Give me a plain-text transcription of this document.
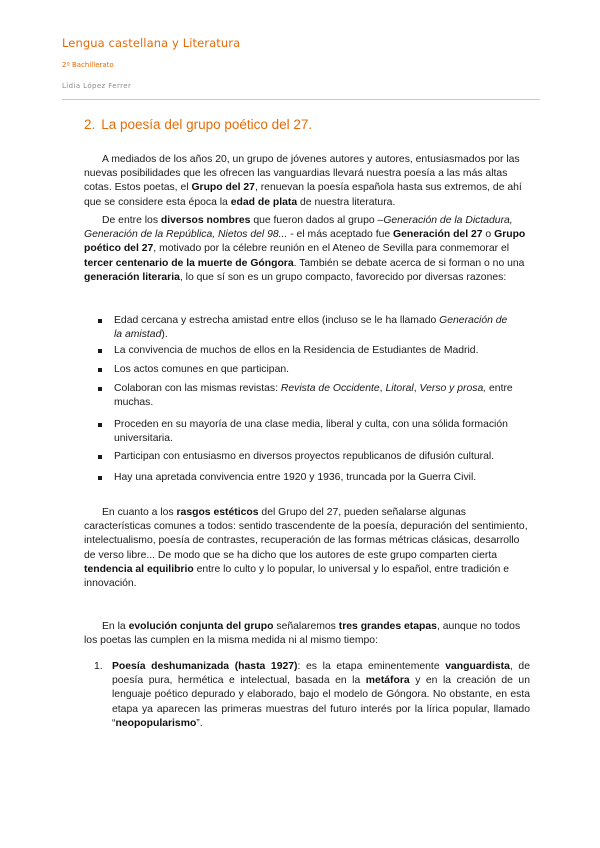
Lengua castellana y Literatura
2º Bachillerato
Lidia López Ferrer
2. La poesía del grupo poético del 27.
A mediados de los años 20, un grupo de jóvenes autores y autores, entusiasmados por las nuevas posibilidades que les ofrecen las vanguardias llevará nuestra poesía a las más altas cotas. Estos poetas, el Grupo del 27, renuevan la poesía española hasta sus extremos, de ahí que se considere esta época la edad de plata de nuestra literatura.
De entre los diversos nombres que fueron dados al grupo –Generación de la Dictadura, Generación de la República, Nietos del 98... - el más aceptado fue Generación del 27 o Grupo poético del 27, motivado por la célebre reunión en el Ateneo de Sevilla para conmemorar el tercer centenario de la muerte de Góngora. También se debate acerca de si forman o no una generación literaria, lo que sí son es un grupo compacto, favorecido por diversas razones:
Edad cercana y estrecha amistad entre ellos (incluso se le ha llamado Generación de la amistad).
La convivencia de muchos de ellos en la Residencia de Estudiantes de Madrid.
Los actos comunes en que participan.
Colaboran con las mismas revistas: Revista de Occidente, Litoral, Verso y prosa, entre muchas.
Proceden en su mayoría de una clase media, liberal y culta, con una sólida formación universitaria.
Participan con entusiasmo en diversos proyectos republicanos de difusión cultural.
Hay una apretada convivencia entre 1920 y 1936, truncada por la Guerra Civil.
En cuanto a los rasgos estéticos del Grupo del 27, pueden señalarse algunas características comunes a todos: sentido trascendente de la poesía, depuración del sentimiento, intelectualismo, poesía de contrastes, recuperación de las formas métricas clásicas, desarrollo de verso libre... De modo que se ha dicho que los autores de este grupo comparten cierta tendencia al equilibrio entre lo culto y lo popular, lo universal y lo español, entre tradición e innovación.
En la evolución conjunta del grupo señalaremos tres grandes etapas, aunque no todos los poetas las cumplen en la misma medida ni al mismo tiempo:
1. Poesía deshumanizada (hasta 1927): es la etapa eminentemente vanguardista, de poesía pura, hermética e intelectual, basada en la metáfora y en la creación de un lenguaje poético depurado y elaborado, bajo el modelo de Góngora. No obstante, en esta etapa ya aparecen las primeras muestras del futuro interés por la lírica popular, llamado “neopopularismo”.
